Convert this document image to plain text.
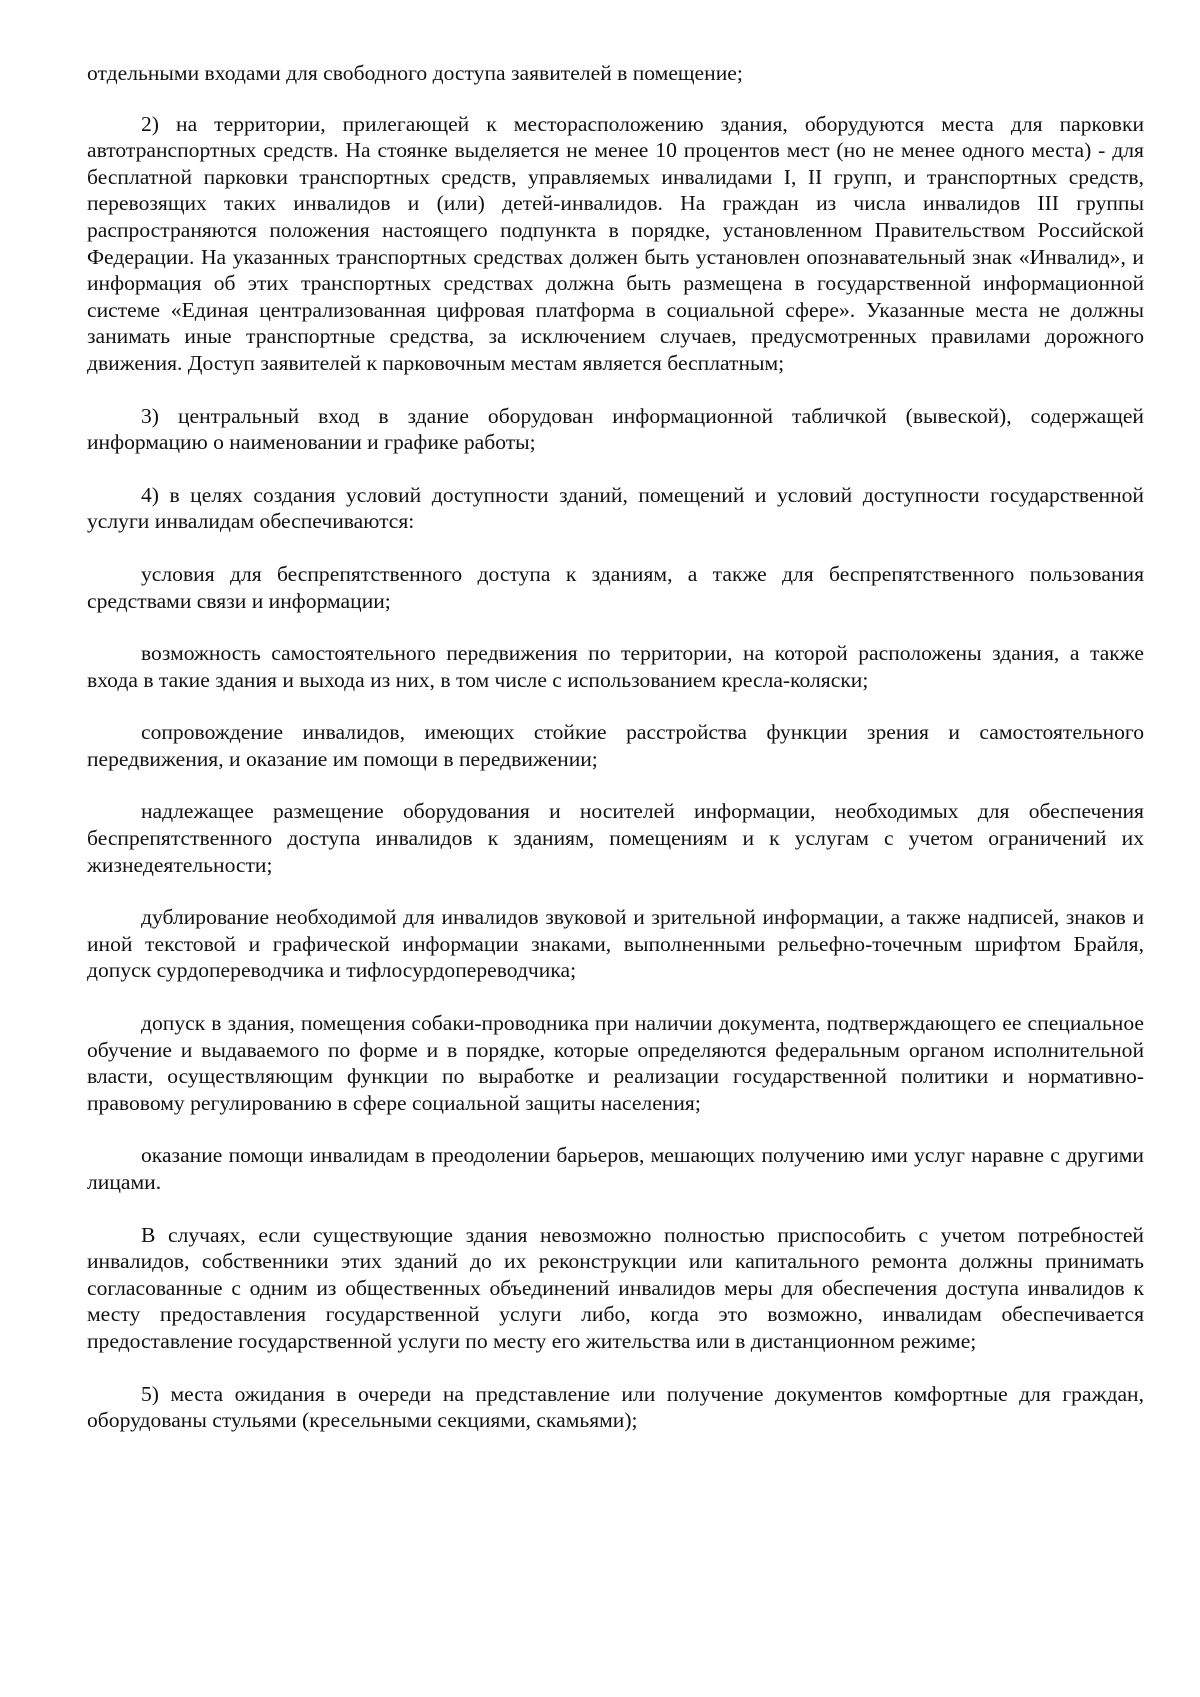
отдельными входами для свободного доступа заявителей в помещение;

2) на территории, прилегающей к месторасположению здания, оборудуются места для парковки автотранспортных средств. На стоянке выделяется не менее 10 процентов мест (но не менее одного места) - для бесплатной парковки транспортных средств, управляемых инвалидами I, II групп, и транспортных средств, перевозящих таких инвалидов и (или) детей-инвалидов. На граждан из числа инвалидов III группы распространяются положения настоящего подпункта в порядке, установленном Правительством Российской Федерации. На указанных транспортных средствах должен быть установлен опознавательный знак «Инвалид», и информация об этих транспортных средствах должна быть размещена в государственной информационной системе «Единая централизованная цифровая платформа в социальной сфере». Указанные места не должны занимать иные транспортные средства, за исключением случаев, предусмотренных правилами дорожного движения. Доступ заявителей к парковочным местам является бесплатным;

3) центральный вход в здание оборудован информационной табличкой (вывеской), содержащей информацию о наименовании и графике работы;

4) в целях создания условий доступности зданий, помещений и условий доступности государственной услуги инвалидам обеспечиваются:

условия для беспрепятственного доступа к зданиям, а также для беспрепятственного пользования средствами связи и информации;

возможность самостоятельного передвижения по территории, на которой расположены здания, а также входа в такие здания и выхода из них, в том числе с использованием кресла-коляски;

сопровождение инвалидов, имеющих стойкие расстройства функции зрения и самостоятельного передвижения, и оказание им помощи в передвижении;

надлежащее размещение оборудования и носителей информации, необходимых для обеспечения беспрепятственного доступа инвалидов к зданиям, помещениям и к услугам с учетом ограничений их жизнедеятельности;

дублирование необходимой для инвалидов звуковой и зрительной информации, а также надписей, знаков и иной текстовой и графической информации знаками, выполненными рельефно-точечным шрифтом Брайля, допуск сурдопереводчика и тифлосурдопереводчика;

допуск в здания, помещения собаки-проводника при наличии документа, подтверждающего ее специальное обучение и выдаваемого по форме и в порядке, которые определяются федеральным органом исполнительной власти, осуществляющим функции по выработке и реализации государственной политики и нормативно-правовому регулированию в сфере социальной защиты населения;

оказание помощи инвалидам в преодолении барьеров, мешающих получению ими услуг наравне с другими лицами.

В случаях, если существующие здания невозможно полностью приспособить с учетом потребностей инвалидов, собственники этих зданий до их реконструкции или капитального ремонта должны принимать согласованные с одним из общественных объединений инвалидов меры для обеспечения доступа инвалидов к месту предоставления государственной услуги либо, когда это возможно, инвалидам обеспечивается предоставление государственной услуги по месту его жительства или в дистанционном режиме;

5) места ожидания в очереди на представление или получение документов комфортные для граждан, оборудованы стульями (кресельными секциями, скамьями);
